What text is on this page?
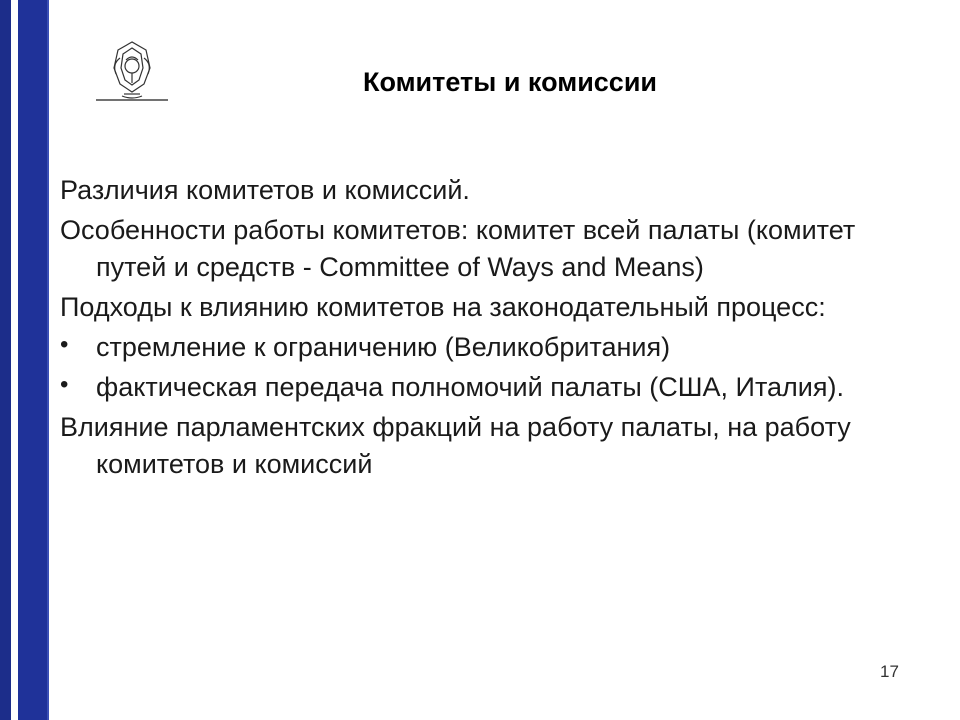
Комитеты и комиссии
Различия комитетов и комиссий.
Особенности работы комитетов: комитет всей палаты (комитет путей и средств - Committee of Ways and Means)
Подходы к влиянию комитетов на законодательный процесс:
• стремление к ограничению (Великобритания)
• фактическая передача полномочий палаты (США, Италия).
Влияние парламентских фракций на работу палаты, на работу комитетов и комиссий
17
